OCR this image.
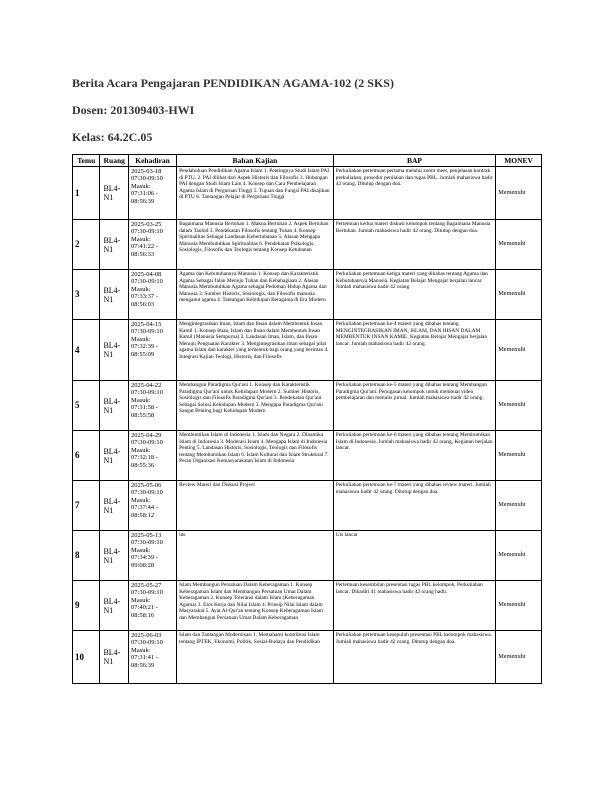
Berita Acara Pengajaran PENDIDIKAN AGAMA-102 (2 SKS)
Dosen: 201309403-HWI
Kelas: 64.2C.05
Temu	Ruang	Kehadiran	Bahan Kajian	BAP	MONEV
1	BL4-N1	2025-03-18 07:30-09:10 Masuk: 07:31:06 - 08:56:39	Pendahuluan Pendidikan Agama Islam 1. Pentingnya Studi Islam PAI di PTU. 2. PAI dilihat dari Aspek Historis dan Filosofis 3. Hubungan PAI dengan Studi Islam Lain 4. Konsep dan Cara Pembelajaran Agama Islam di Perguruan Tinggi 5. Tujuan dan Fungsi PAI disajikan di PTU 6. Tantangan Pelajar di Perguruan Tinggi	Perkuliahan pertemuan pertama melalui zoom meet, penjelasan kontrak perkuliahan, prosedur penilaian dan tugas PBL. Jumlah mahasiswa hadir 42 orang. Ditutup dengan doa.	Memenuhi
2	BL4-N1	2025-03-25 07:30-09:10 Masuk: 07:41:22 - 08:56:33	Bagaimana Manusia Bertuhan 1. Makna Bertuhan 2. Aspek Bertuhan dalam Tauhid 3. Pendekatan Filosofis tentang Tuhan 4. Konsep Spiritualitas Sebagai Landasan Kebertuhanan 5. Alasan Mengapa Manusia Membutuhkan Spiritualitas 6. Pendekatan Psikologis, Sosiologis, Filosofis dan Teologis tentang Konsep Ketuhanan	Pertemuan kedua materi diskusi kelompok tentang Bagaimana Manusia Bertuhan. Jumlah mahasiswa hadir 42 orang. Ditutup dengan doa.	Memenuhi
3	BL4-N1	2025-04-08 07:30-09:10 Masuk: 07:33:37 - 08:56:03	Agama dan Kebutuhannya Manusia 1. Konsep dan Karakteristik Agama Sebagai Jalan Menuju Tuhan dan Kebahagiaan 2. Alasan Manusia Membutuhkan Agama sebagai Pedoman Hidup Agama dan Manusia 3. Sumber Historis, Sosiologis, dan Filosofis manusia menganut agama 4. Tantangan Kehidupan Beragama di Era Modern	Perkuliahan pertemuan ketiga materi yang dibahas tentang Agama dan Kebutuhannya Manusia. Kegiatan Belajar Mengajar berjalan lancar. Jumlah mahasiswa hadir 42 orang.	Memenuhi
4	BL4-N1	2025-04-15 07:30-09:10 Masuk: 07:32:39 - 08:55:09	Mengintegrasikan Iman, Islam dan Ihsan dalam Membentuk Insan Kamil 1. Konsep Iman, Islam dan Ihsan dalam Membentuk Insan Kamil (Manusia Sempurna) 2. Landasan Iman, Islam, dan Ihsan Menuju Penguatan Karakter 3. Mengintegrasikan iman sebagai pilar agama Islam dan karakter yang terbentuk bagi orang yang beriman 4. Integrasi Kajian Teologi, Historis, dan Filosofis	Perkuliahan pertemuan ke-4 materi yang dibahas tentang MENGINTEGRASIKAN IMAN, ISLAM, DAN IHSAN DALAM MEMBENTUK INSAN KAMIL. Kegiatan Belajar Mengajar berjalan lancar. Jumlah mahasiswa hadir 42 orang.	Memenuhi
5	BL4-N1	2025-04-22 07:30-09:10 Masuk: 07:31:58 - 08:55:58	Membangun Paradigma Qur'ani 1. Konsep dan Karakteristik Paradigma Qur'ani untuk Kehidupan Modern 2. Sumber Historis, Sosiologis dan Filosofis Paradigma Qur'ani 3. Pendekatan Qur'ani Sebagai Solusi Kehidupan Modern 3. Mengapa Paradigma Qur'ani Sangat Penting bagi Kehidupan Modern	Perkuliahan pertemuan ke-5 materi yang dibahas tentang Membangun Paradigma Qur'ani. Penugasan kelompok untuk membuat video pembelajaran dan menulis jurnal. Jumlah mahasiswa hadir 42 orang.	Memenuhi
6	BL4-N1	2025-04-29 07:30-09:10 Masuk: 07:32:18 - 08:55:36	Membumikan Islam di Indonesia 1. Islam dan Negara 2. Dinamika Islam di Indonesia 3. Moderasi Islam 4. Mengapa Islam di Indonesia Penting 5. Landasan Historis, Sosiologis, Teologis dan Filosofis tentang Membumikan Islam 6. Islam Kultural dan Islam Struktural 7. Peran Organisasi Kemasyarakatan Islam di Indonesia	Perkuliahan pertemuan ke-6 materi yang dibahas tentang Membumikan Islam di Indonesia. Jumlah mahasiswa hadir 42 orang, Kegiatan berjalan lancar.	Memenuhi
7	BL4-N1	2025-05-06 07:30-09:10 Masuk: 07:37:44 - 08:58:12	Review Materi dan Diskusi Project	Perkuliahan pertemuan ke-7 materi yang dibahas review materi. Jumlah mahasiswa hadir 42 orang. Ditutup dengan doa.	Memenuhi
8	BL4-N1	2025-05-13 07:30-09:10 Masuk: 07:34:39 - 09:08:28	uts	Uts lancar	Memenuhi
9	BL4-N1	2025-05-27 07:30-09:10 Masuk: 07:40:21 - 08:58:16	Islam Membangun Persatuan Dalam Keberagaman 1. Konsep Keberagaman Islam dan Membangun Persatuan Umat Dalam Keberagaman 2. Konsep Toleransi dalam Islam (Keberagaman Agama) 3. Etos Kerja dan Nilai Islam 4. Prinsip Nilai Islam dalam Masyarakat 5. Ayat Al-Qur'an tentang Konsep Keberagaman Islam dan Membangun Persatuan Umat Dalam Keberagaman	Pertemuan kesembilan presentasi tugas PBL kelompok, Perkuliahan lancar. Dihadiri 41 mahasiswa hadir 42 orang hadir.	Memenuhi
10	BL4-N1	2025-06-03 07:30-09:10 Masuk: 07:31:41 - 08:56:39	Islam dan Tantangan Modernisasi 1. Memahami kontribusi Islam tentang IPTEK, Ekonomi, Politik, Sosial-Budaya dan Pendidikan	Perkuliahan pertemuan kesepuluh presentasi PBL kelompok mahasiswa. Jumlah mahasiswa hadir 42 orang. Ditutup dengan doa.	Memenuhi
